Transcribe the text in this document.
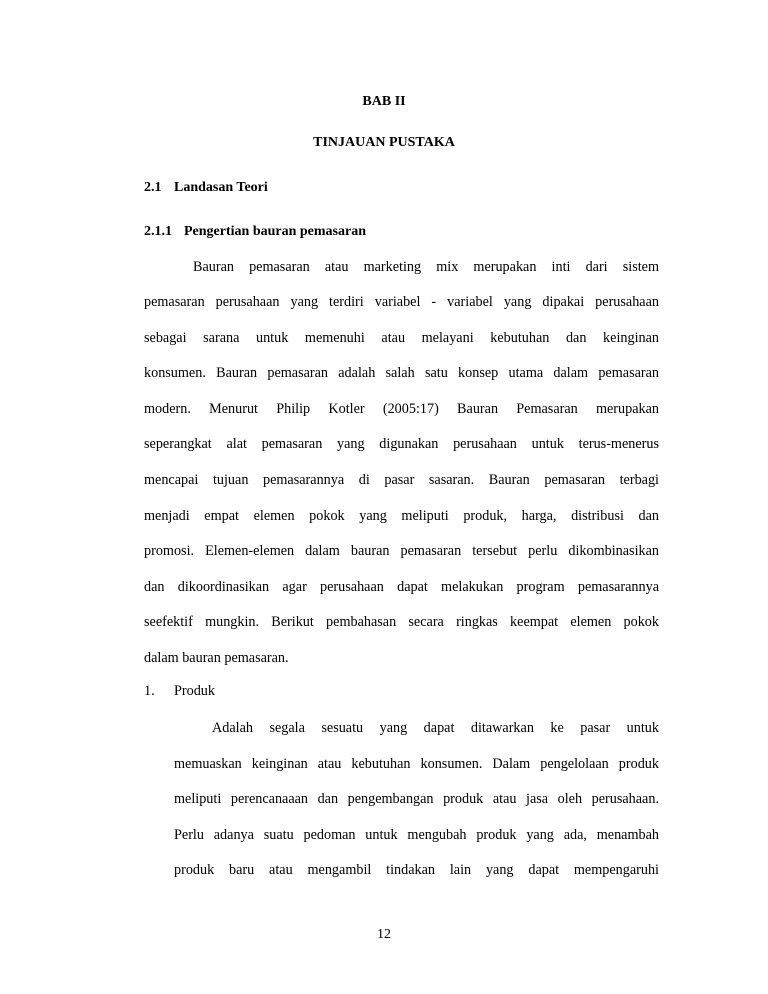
BAB II
TINJAUAN PUSTAKA
2.1 Landasan Teori
2.1.1 Pengertian bauran pemasaran
Bauran pemasaran atau marketing mix merupakan inti dari sistem
pemasaran perusahaan yang terdiri variabel - variabel yang dipakai perusahaan
sebagai sarana untuk memenuhi atau melayani kebutuhan dan keinginan
konsumen. Bauran pemasaran adalah salah satu konsep utama dalam pemasaran
modern. Menurut Philip Kotler (2005:17) Bauran Pemasaran merupakan
seperangkat alat pemasaran yang digunakan perusahaan untuk terus-menerus
mencapai tujuan pemasarannya di pasar sasaran. Bauran pemasaran terbagi
menjadi empat elemen pokok yang meliputi produk, harga, distribusi dan
promosi. Elemen-elemen dalam bauran pemasaran tersebut perlu dikombinasikan
dan dikoordinasikan agar perusahaan dapat melakukan program pemasarannya
seefektif mungkin. Berikut pembahasan secara ringkas keempat elemen pokok
dalam bauran pemasaran.
1. Produk
Adalah segala sesuatu yang dapat ditawarkan ke pasar untuk
memuaskan keinginan atau kebutuhan konsumen. Dalam pengelolaan produk
meliputi perencanaaan dan pengembangan produk atau jasa oleh perusahaan.
Perlu adanya suatu pedoman untuk mengubah produk yang ada, menambah
produk baru atau mengambil tindakan lain yang dapat mempengaruhi
12
